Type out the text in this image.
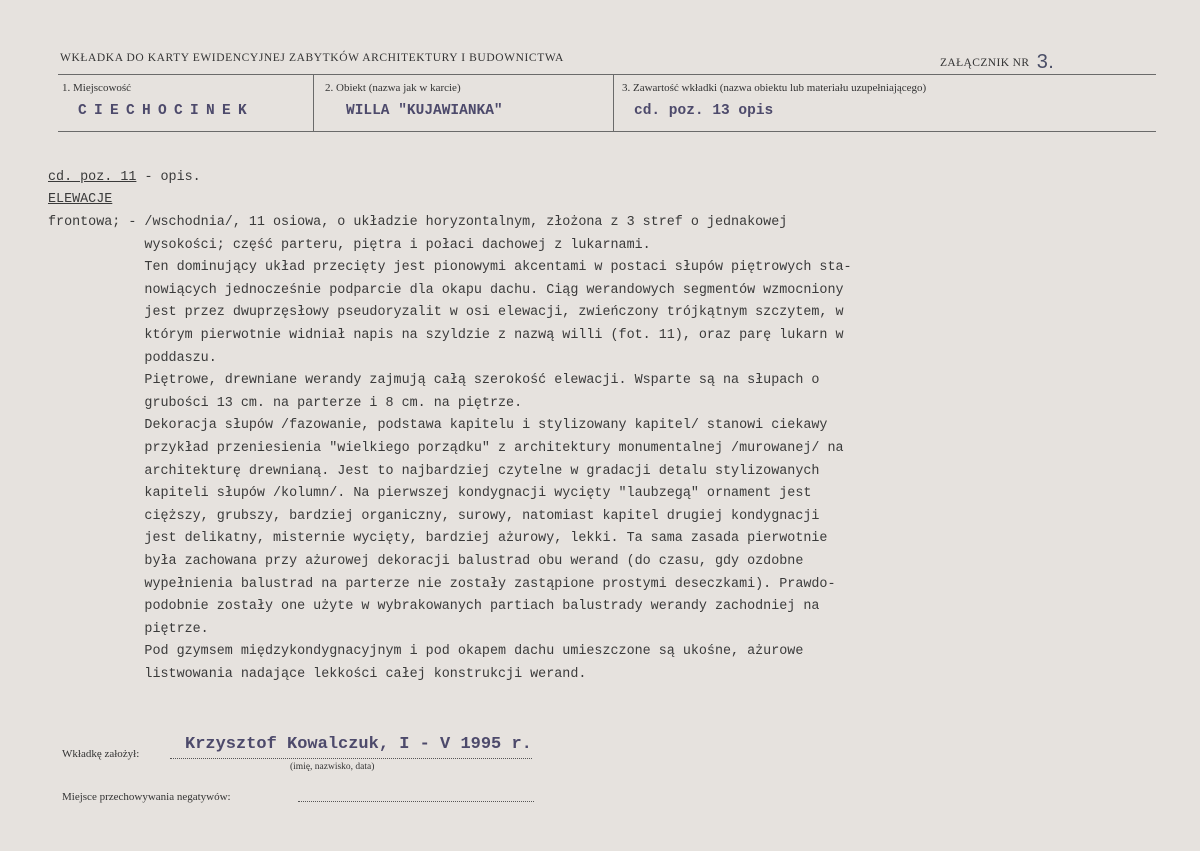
WKŁADKA DO KARTY EWIDENCYJNEJ ZABYTKÓW ARCHITEKTURY I BUDOWNICTWA	ZAŁĄCZNIK NR 3.
1. Miejscowość
CIECHOCINEK
2. Obiekt (nazwa jak w karcie)
WILLA "KUJAWIANKA"
3. Zawartość wkładki (nazwa obiektu lub materiału uzupełniającego)
cd. poz. 13 opis
cd. poz. 11 - opis.
ELEWACJE
frontowa; - /wschodnia/, 11 osiowa, o układzie horyzontalnym, złożona z 3 stref o jednakowej
wysokości; część parteru, piętra i połaci dachowej z lukarnami.
Ten dominujący układ przecięty jest pionowymi akcentami w postaci słupów piętrowych sta-
nowiących jednocześnie podparcie dla okapu dachu. Ciąg werandowych segmentów wzmocniony
jest przez dwuprzęsłowy pseudoryzalit w osi elewacji, zwieńczony trójkątnym szczytem, w
którym pierwotnie widniał napis na szyldzie z nazwą willi (fot. 11), oraz parę lukarn w
poddaszu.
Piętrowe, drewniane werandy zajmują całą szerokość elewacji. Wsparte są na słupach o
grubości 13 cm. na parterze i 8 cm. na piętrze.
Dekoracja słupów /fazowanie, podstawa kapitelu i stylizowany kapitel/ stanowi ciekawy
przykład przeniesienia "wielkiego porządku" z architektury monumentalnej /murowanej/ na
architekturę drewnianą. Jest to najbardziej czytelne w gradacji detalu stylizowanych
kapiteli słupów /kolumn/. Na pierwszej kondygnacji wycięty "laubzegą" ornament jest
cięższy, grubszy, bardziej organiczny, surowy, natomiast kapitel drugiej kondygnacji
jest delikatny, misternie wycięty, bardziej ażurowy, lekki. Ta sama zasada pierwotnie
była zachowana przy ażurowej dekoracji balustrad obu werand (do czasu, gdy ozdobne
wypełnienia balustrad na parterze nie zostały zastąpione prostymi deseczkami). Prawdo-
podobnie zostały one użyte w wybrakowanych partiach balustrady werandy zachodniej na
piętrze.
Pod gzymsem międzykondygnacyjnym i pod okapem dachu umieszczone są ukośne, ażurowe
listwowania nadające lekkości całej konstrukcji werand.
Wkładkę założył:	Krzysztof Kowalczuk, I - V 1995 r.
(imię, nazwisko, data)
Miejsce przechowywania negatywów:
